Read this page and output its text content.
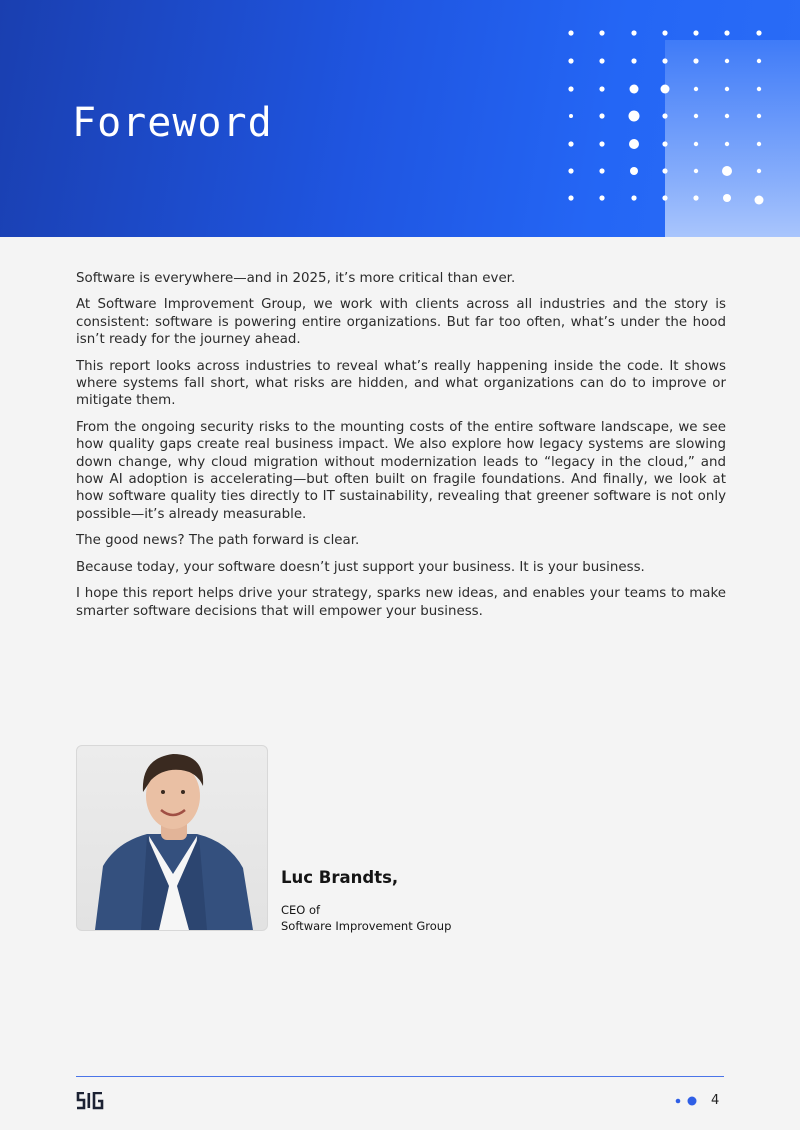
Foreword

Software is everywhere—and in 2025, it’s more critical than ever.

At Software Improvement Group, we work with clients across all industries and the story is consistent: software is powering entire organizations. But far too often, what’s under the hood isn’t ready for the journey ahead.

This report looks across industries to reveal what’s really happening inside the code. It shows where systems fall short, what risks are hidden, and what organizations can do to improve or mitigate them.

From the ongoing security risks to the mounting costs of the entire software landscape, we see how quality gaps create real business impact. We also explore how legacy systems are slowing down change, why cloud migration without modernization leads to “legacy in the cloud,” and how AI adoption is accelerating—but often built on fragile foundations. And finally, we look at how software quality ties directly to IT sustainability, revealing that greener software is not only possible—it’s already measurable.

The good news? The path forward is clear.

Because today, your software doesn’t just support your business. It is your business.

I hope this report helps drive your strategy, sparks new ideas, and enables your teams to make smarter software decisions that will empower your business.

Luc Brandts,
CEO of
Software Improvement Group
4
